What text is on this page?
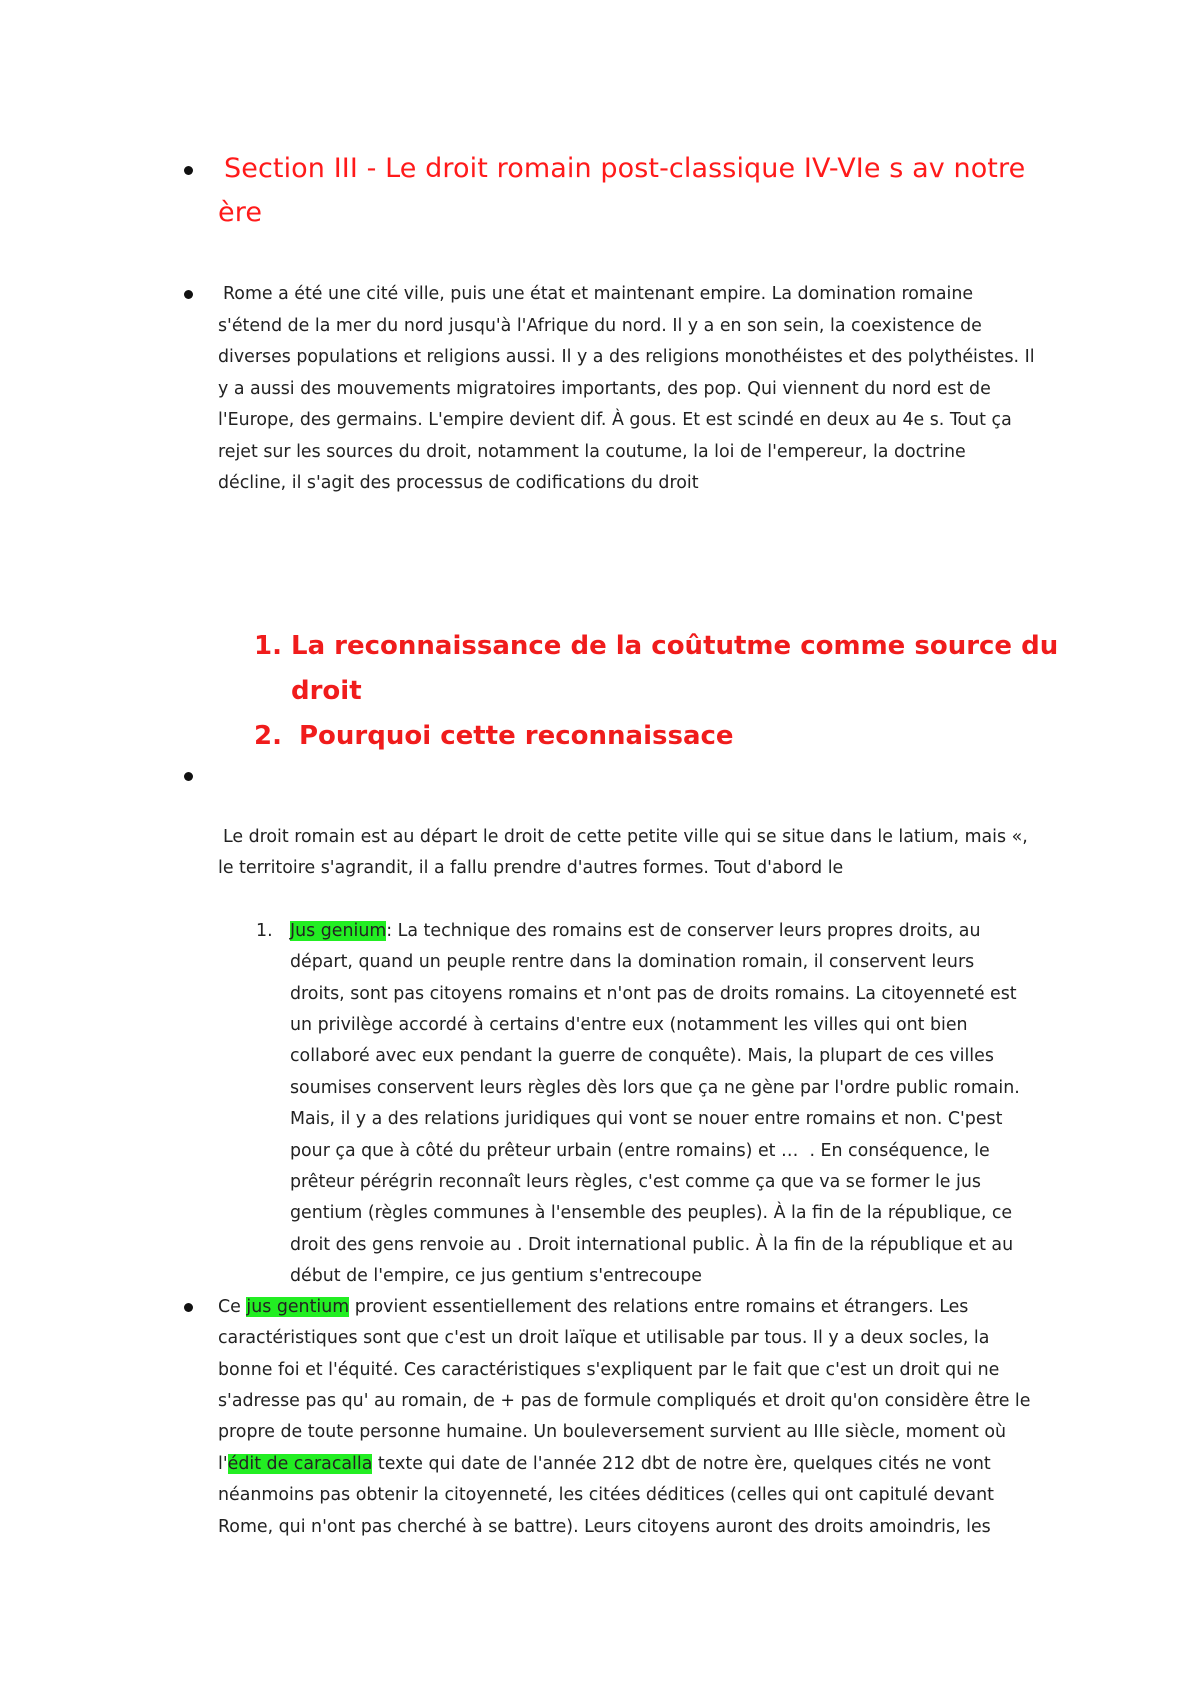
Section III - Le droit romain post-classique IV-VIe s av notre
ère
Rome a été une cité ville, puis une état et maintenant empire. La domination romaine
s'étend de la mer du nord jusqu'à l'Afrique du nord. Il y a en son sein, la coexistence de
diverses populations et religions aussi. Il y a des religions monothéistes et des polythéistes. Il
y a aussi des mouvements migratoires importants, des pop. Qui viennent du nord est de
l'Europe, des germains. L'empire devient dif. À gous. Et est scindé en deux au 4e s. Tout ça
rejet sur les sources du droit, notamment la coutume, la loi de l'empereur, la doctrine
décline, il s'agit des processus de codifications du droit
1. La reconnaissance de la coûtutme comme source du
droit
2. Pourquoi cette reconnaissace
Le droit romain est au départ le droit de cette petite ville qui se situe dans le latium, mais «,
le territoire s'agrandit, il a fallu prendre d'autres formes. Tout d'abord le
1. Jus genium: La technique des romains est de conserver leurs propres droits, au
départ, quand un peuple rentre dans la domination romain, il conservent leurs
droits, sont pas citoyens romains et n'ont pas de droits romains. La citoyenneté est
un privilège accordé à certains d'entre eux (notamment les villes qui ont bien
collaboré avec eux pendant la guerre de conquête). Mais, la plupart de ces villes
soumises conservent leurs règles dès lors que ça ne gène par l'ordre public romain.
Mais, il y a des relations juridiques qui vont se nouer entre romains et non. C'pest
pour ça que à côté du prêteur urbain (entre romains) et …  . En conséquence, le
prêteur pérégrin reconnaît leurs règles, c'est comme ça que va se former le jus
gentium (règles communes à l'ensemble des peuples). À la fin de la république, ce
droit des gens renvoie au . Droit international public. À la fin de la république et au
début de l'empire, ce jus gentium s'entrecoupe
Ce jus gentium provient essentiellement des relations entre romains et étrangers. Les
caractéristiques sont que c'est un droit laïque et utilisable par tous. Il y a deux socles, la
bonne foi et l'équité. Ces caractéristiques s'expliquent par le fait que c'est un droit qui ne
s'adresse pas qu' au romain, de + pas de formule compliqués et droit qu'on considère être le
propre de toute personne humaine. Un bouleversement survient au IIIe siècle, moment où
l'édit de caracalla texte qui date de l'année 212 dbt de notre ère, quelques cités ne vont
néanmoins pas obtenir la citoyenneté, les citées déditices (celles qui ont capitulé devant
Rome, qui n'ont pas cherché à se battre). Leurs citoyens auront des droits amoindris, les
